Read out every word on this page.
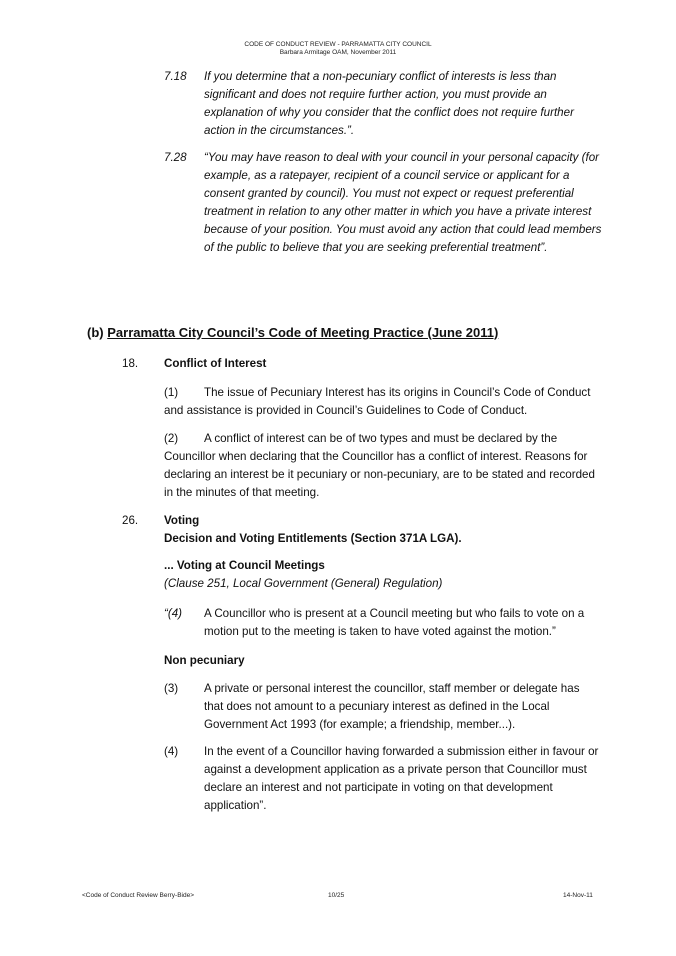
CODE OF CONDUCT REVIEW - PARRAMATTA CITY COUNCIL
Barbara Armitage OAM, November 2011
7.18 If you determine that a non-pecuniary conflict of interests is less than significant and does not require further action, you must provide an explanation of why you consider that the conflict does not require further action in the circumstances.”.
7.28 “You may have reason to deal with your council in your personal capacity (for example, as a ratepayer, recipient of a council service or applicant for a consent granted by council). You must not expect or request preferential treatment in relation to any other matter in which you have a private interest because of your position. You must avoid any action that could lead members of the public to believe that you are seeking preferential treatment”.
(b) Parramatta City Council’s Code of Meeting Practice (June 2011)
18. Conflict of Interest
(1) The issue of Pecuniary Interest has its origins in Council’s Code of Conduct and assistance is provided in Council’s Guidelines to Code of Conduct.
(2) A conflict of interest can be of two types and must be declared by the Councillor when declaring that the Councillor has a conflict of interest. Reasons for declaring an interest be it pecuniary or non-pecuniary, are to be stated and recorded in the minutes of that meeting.
26. Voting
Decision and Voting Entitlements (Section 371A LGA).
... Voting at Council Meetings
(Clause 251, Local Government (General) Regulation)
“(4) A Councillor who is present at a Council meeting but who fails to vote on a motion put to the meeting is taken to have voted against the motion.”
Non pecuniary
(3) A private or personal interest the councillor, staff member or delegate has that does not amount to a pecuniary interest as defined in the Local Government Act 1993 (for example; a friendship, member...).
(4) In the event of a Councillor having forwarded a submission either in favour or against a development application as a private person that Councillor must declare an interest and not participate in voting on that development application”.
<Code of Conduct Review Berry-Bide>	10/25	14-Nov-11
